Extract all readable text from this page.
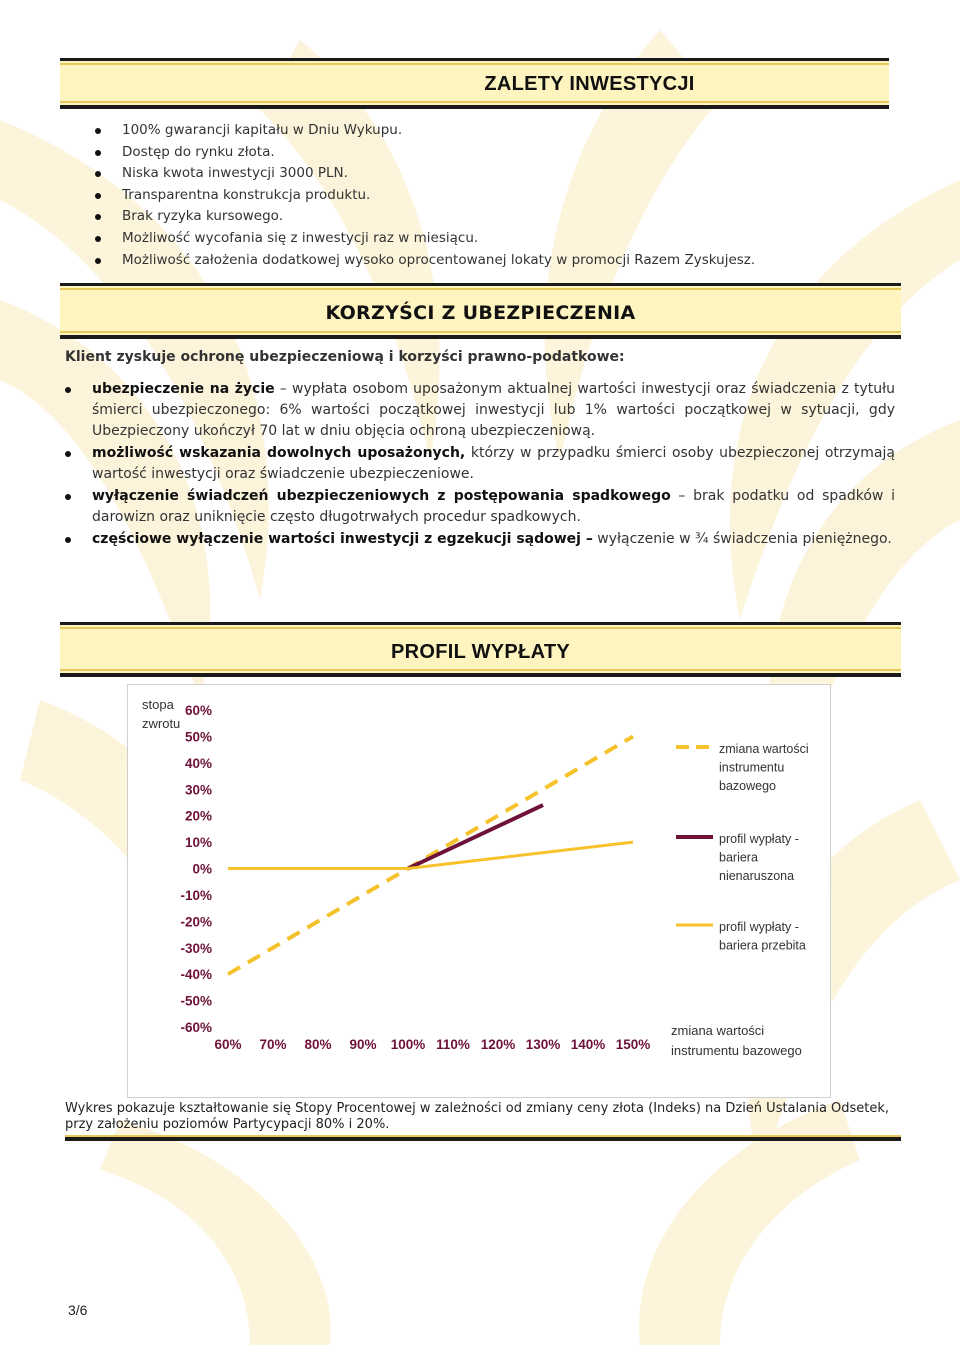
ZALETY INWESTYCJI
100% gwarancji kapitału w Dniu Wykupu.
Dostęp do rynku złota.
Niska kwota inwestycji 3000 PLN.
Transparentna konstrukcja produktu.
Brak ryzyka kursowego.
Możliwość wycofania się z inwestycji raz w miesiącu.
Możliwość założenia dodatkowej wysoko oprocentowanej lokaty w promocji Razem Zyskujesz.
KORZYŚCI Z UBEZPIECZENIA
Klient zyskuje ochronę ubezpieczeniową i korzyści prawno-podatkowe:
ubezpieczenie na życie – wypłata osobom uposażonym aktualnej wartości inwestycji oraz świadczenia z tytułu śmierci ubezpieczonego: 6% wartości początkowej inwestycji lub 1% wartości początkowej w sytuacji, gdy Ubezpieczony ukończył 70 lat w dniu objęcia ochroną ubezpieczeniową.
możliwość wskazania dowolnych uposażonych, którzy w przypadku śmierci osoby ubezpieczonej otrzymają wartość inwestycji oraz świadczenie ubezpieczeniowe.
wyłączenie świadczeń ubezpieczeniowych z postępowania spadkowego – brak podatku od spadków i darowizn oraz uniknięcie często długotrwałych procedur spadkowych.
częściowe wyłączenie wartości inwestycji z egzekucji sądowej – wyłączenie w ¾ świadczenia pieniężnego.
PROFIL WYPŁATY
stopa
zwrotu
60%
50%
40%
30%
20%
10%
0%
-10%
-20%
-30%
-40%
-50%
-60%
60% 70% 80% 90% 100% 110% 120% 130% 140% 150%
zmiana wartości
instrumentu bazowego
zmiana wartości
instrumentu
bazowego
profil wypłaty -
bariera
nienaruszona
profil wypłaty -
bariera przebita
Wykres pokazuje kształtowanie się Stopy Procentowej w zależności od zmiany ceny złota (Indeks) na Dzień Ustalania Odsetek, przy założeniu poziomów Partycypacji 80% i 20%.
3/6
